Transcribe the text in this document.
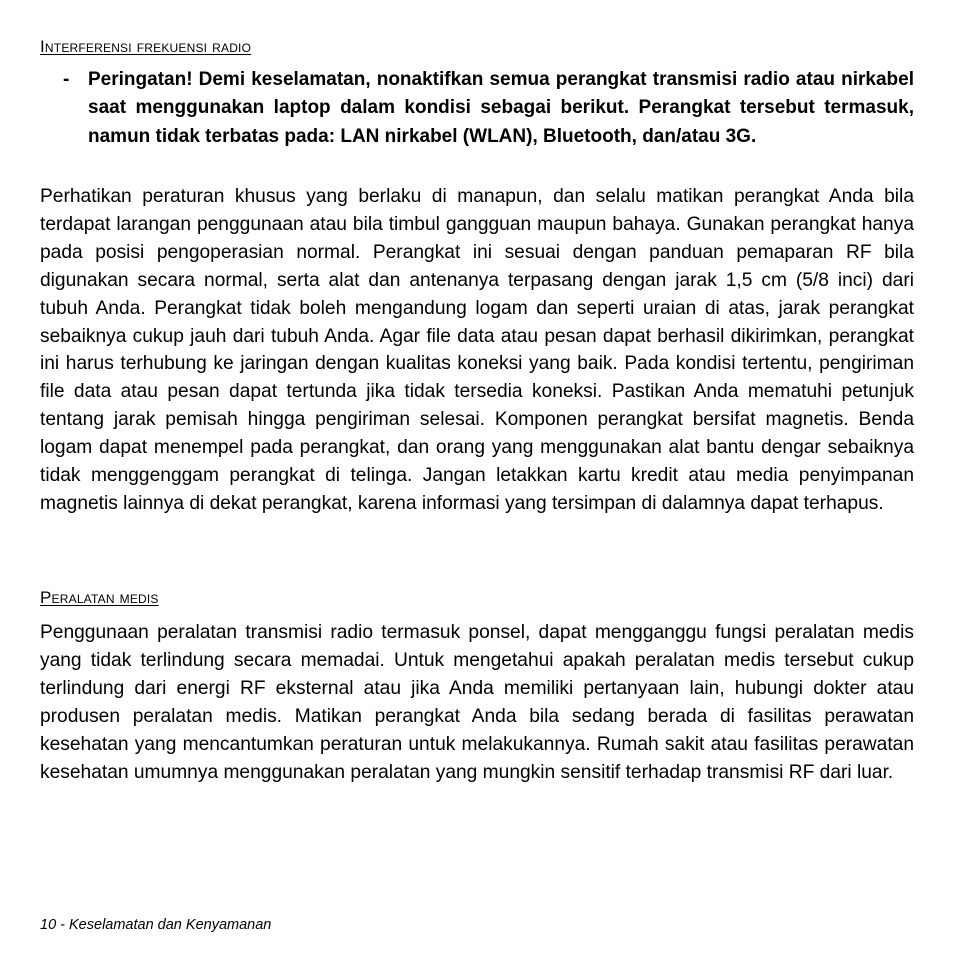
Interferensi frekuensi radio
- Peringatan! Demi keselamatan, nonaktifkan semua perangkat transmisi radio atau nirkabel saat menggunakan laptop dalam kondisi sebagai berikut. Perangkat tersebut termasuk, namun tidak terbatas pada: LAN nirkabel (WLAN), Bluetooth, dan/atau 3G.

Perhatikan peraturan khusus yang berlaku di manapun, dan selalu matikan perangkat Anda bila terdapat larangan penggunaan atau bila timbul gangguan maupun bahaya. Gunakan perangkat hanya pada posisi pengoperasian normal. Perangkat ini sesuai dengan panduan pemaparan RF bila digunakan secara normal, serta alat dan antenanya terpasang dengan jarak 1,5 cm (5/8 inci) dari tubuh Anda. Perangkat tidak boleh mengandung logam dan seperti uraian di atas, jarak perangkat sebaiknya cukup jauh dari tubuh Anda. Agar file data atau pesan dapat berhasil dikirimkan, perangkat ini harus terhubung ke jaringan dengan kualitas koneksi yang baik. Pada kondisi tertentu, pengiriman file data atau pesan dapat tertunda jika tidak tersedia koneksi. Pastikan Anda mematuhi petunjuk tentang jarak pemisah hingga pengiriman selesai. Komponen perangkat bersifat magnetis. Benda logam dapat menempel pada perangkat, dan orang yang menggunakan alat bantu dengar sebaiknya tidak menggenggam perangkat di telinga. Jangan letakkan kartu kredit atau media penyimpanan magnetis lainnya di dekat perangkat, karena informasi yang tersimpan di dalamnya dapat terhapus.

Peralatan medis

Penggunaan peralatan transmisi radio termasuk ponsel, dapat mengganggu fungsi peralatan medis yang tidak terlindung secara memadai. Untuk mengetahui apakah peralatan medis tersebut cukup terlindung dari energi RF eksternal atau jika Anda memiliki pertanyaan lain, hubungi dokter atau produsen peralatan medis. Matikan perangkat Anda bila sedang berada di fasilitas perawatan kesehatan yang mencantumkan peraturan untuk melakukannya. Rumah sakit atau fasilitas perawatan kesehatan umumnya menggunakan peralatan yang mungkin sensitif terhadap transmisi RF dari luar.

10 - Keselamatan dan Kenyamanan
